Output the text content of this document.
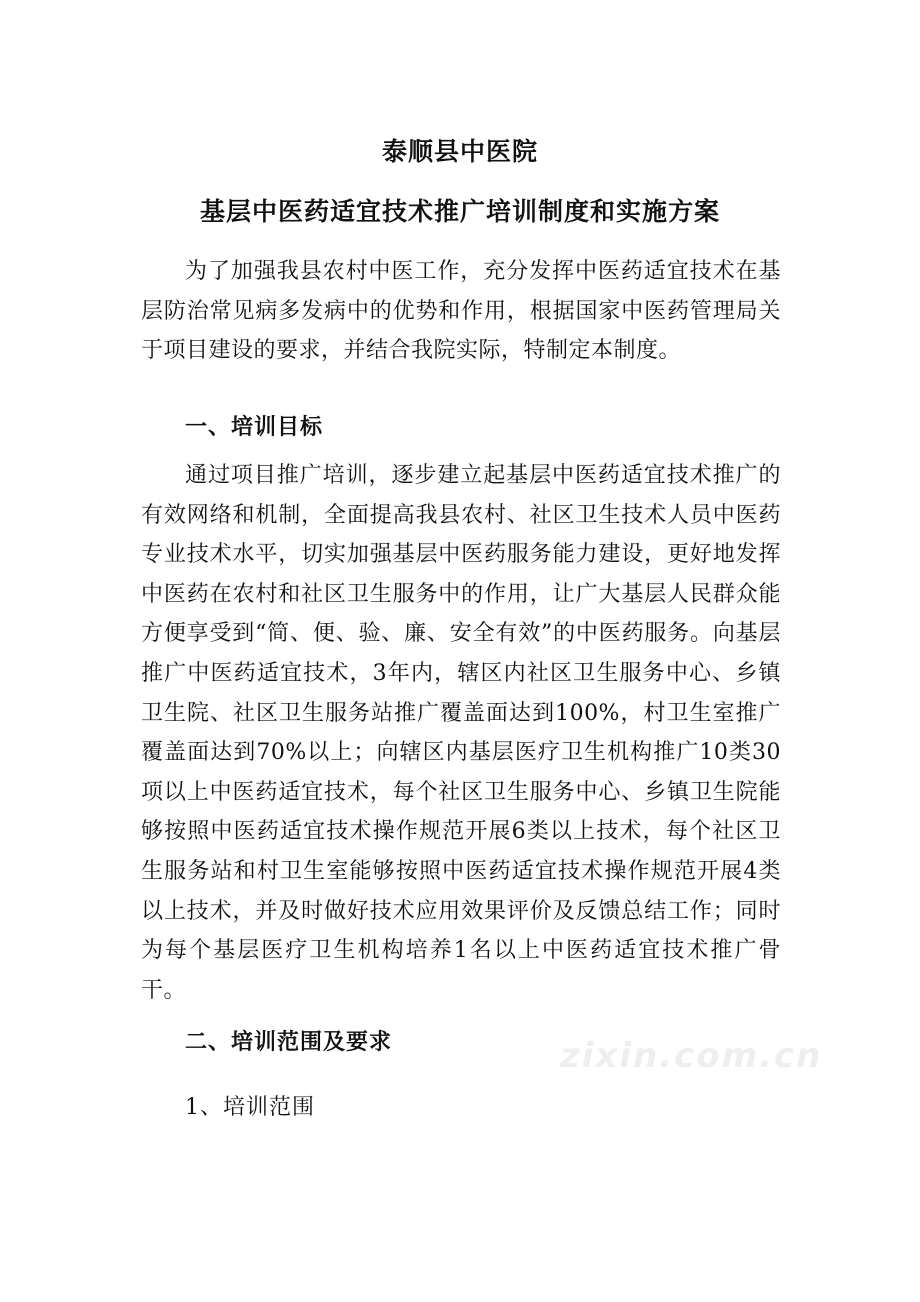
泰顺县中医院
基层中医药适宜技术推广培训制度和实施方案

为了加强我县农村中医工作，充分发挥中医药适宜技术在基层防治常见病多发病中的优势和作用，根据国家中医药管理局关于项目建设的要求，并结合我院实际，特制定本制度。

一、培训目标

通过项目推广培训，逐步建立起基层中医药适宜技术推广的有效网络和机制，全面提高我县农村、社区卫生技术人员中医药专业技术水平，切实加强基层中医药服务能力建设，更好地发挥中医药在农村和社区卫生服务中的作用，让广大基层人民群众能方便享受到“简、便、验、廉、安全有效”的中医药服务。向基层推广中医药适宜技术，3年内，辖区内社区卫生服务中心、乡镇卫生院、社区卫生服务站推广覆盖面达到100%，村卫生室推广覆盖面达到70%以上；向辖区内基层医疗卫生机构推广10类30项以上中医药适宜技术，每个社区卫生服务中心、乡镇卫生院能够按照中医药适宜技术操作规范开展6类以上技术，每个社区卫生服务站和村卫生室能够按照中医药适宜技术操作规范开展4类以上技术，并及时做好技术应用效果评价及反馈总结工作；同时为每个基层医疗卫生机构培养1名以上中医药适宜技术推广骨干。

二、培训范围及要求

1、培训范围

zixin.com.cn
